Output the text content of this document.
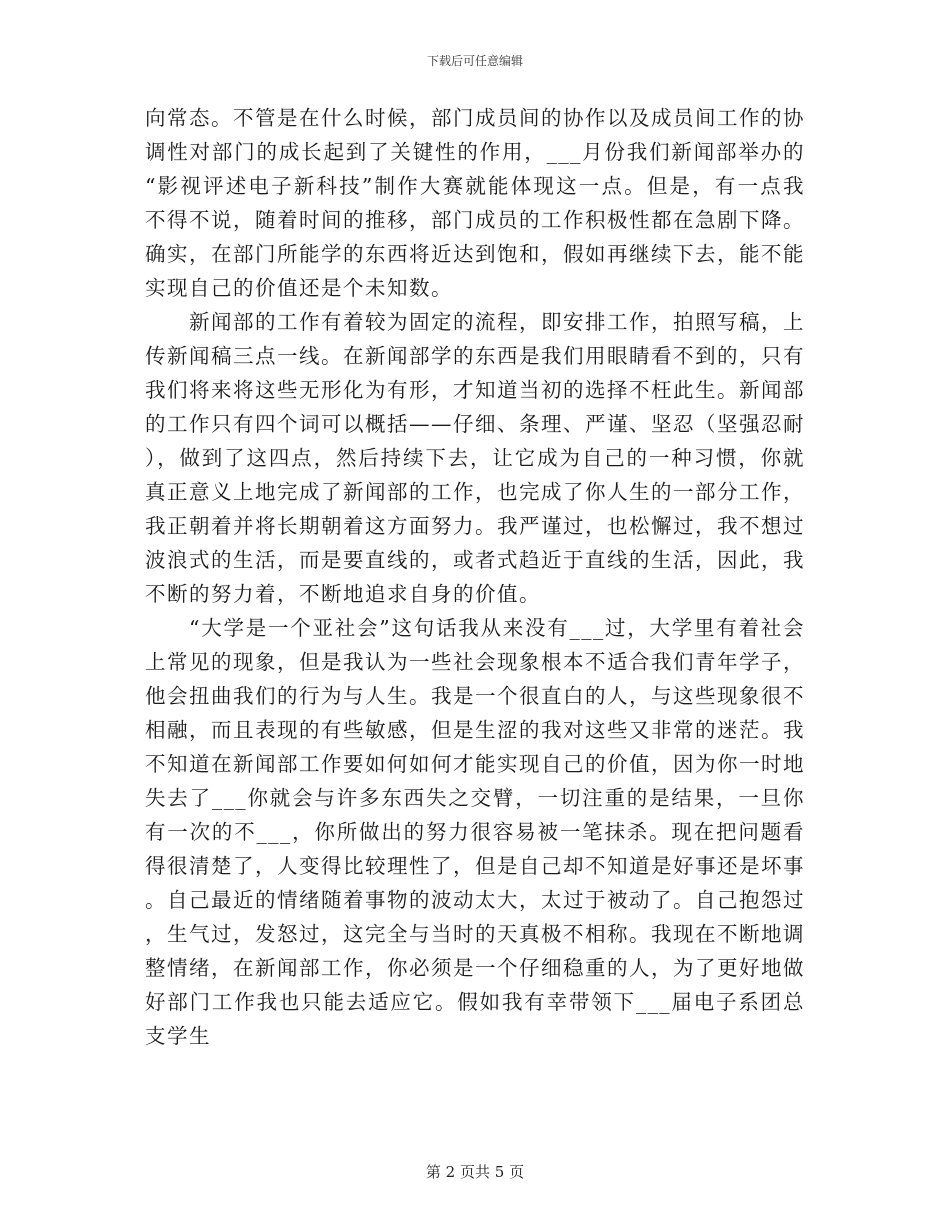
下载后可任意编辑

向常态。不管是在什么时候，部门成员间的协作以及成员间工作的协调性对部门的成长起到了关键性的作用，___月份我们新闻部举办的“影视评述电子新科技”制作大赛就能体现这一点。但是，有一点我不得不说，随着时间的推移，部门成员的工作积极性都在急剧下降。确实，在部门所能学的东西将近达到饱和，假如再继续下去，能不能实现自己的价值还是个未知数。

新闻部的工作有着较为固定的流程，即安排工作，拍照写稿，上传新闻稿三点一线。在新闻部学的东西是我们用眼睛看不到的，只有我们将来将这些无形化为有形，才知道当初的选择不枉此生。新闻部的工作只有四个词可以概括——仔细、条理、严谨、坚忍（坚强忍耐），做到了这四点，然后持续下去，让它成为自己的一种习惯，你就真正意义上地完成了新闻部的工作，也完成了你人生的一部分工作，我正朝着并将长期朝着这方面努力。我严谨过，也松懈过，我不想过波浪式的生活，而是要直线的，或者式趋近于直线的生活，因此，我不断的努力着，不断地追求自身的价值。

“大学是一个亚社会”这句话我从来没有___过，大学里有着社会上常见的现象，但是我认为一些社会现象根本不适合我们青年学子，他会扭曲我们的行为与人生。我是一个很直白的人，与这些现象很不相融，而且表现的有些敏感，但是生涩的我对这些又非常的迷茫。我不知道在新闻部工作要如何如何才能实现自己的价值，因为你一时地失去了___你就会与许多东西失之交臂，一切注重的是结果，一旦你有一次的不___，你所做出的努力很容易被一笔抹杀。现在把问题看得很清楚了，人变得比较理性了，但是自己却不知道是好事还是坏事。自己最近的情绪随着事物的波动太大，太过于被动了。自己抱怨过，生气过，发怒过，这完全与当时的天真极不相称。我现在不断地调整情绪，在新闻部工作，你必须是一个仔细稳重的人，为了更好地做好部门工作我也只能去适应它。假如我有幸带领下___届电子系团总支学生

第 2 页共 5 页
